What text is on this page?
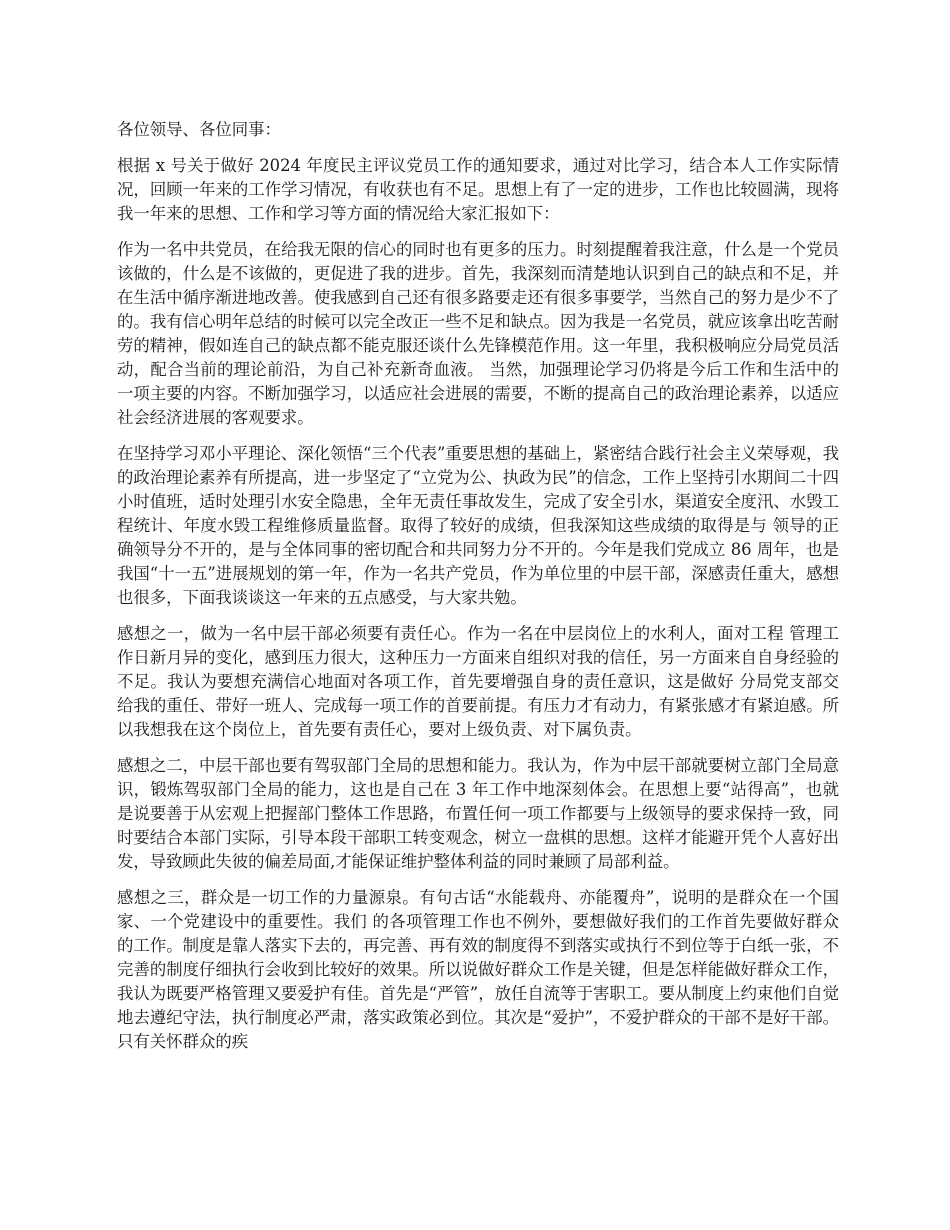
各位领导、各位同事：

根据 x 号关于做好 2024 年度民主评议党员工作的通知要求，通过对比学习，结合本人工作实际情况，回顾一年来的工作学习情况，有收获也有不足。思想上有了一定的进步，工作也比较圆满，现将我一年来的思想、工作和学习等方面的情况给大家汇报如下：

作为一名中共党员，在给我无限的信心的同时也有更多的压力。时刻提醒着我注意，什么是一个党员该做的，什么是不该做的，更促进了我的进步。首先，我深刻而清楚地认识到自己的缺点和不足，并在生活中循序渐进地改善。使我感到自己还有很多路要走还有很多事要学，当然自己的努力是少不了的。我有信心明年总结的时候可以完全改正一些不足和缺点。因为我是一名党员，就应该拿出吃苦耐劳的精神，假如连自己的缺点都不能克服还谈什么先锋模范作用。这一年里，我积极响应分局党员活动，配合当前的理论前沿，为自己补充新奇血液。 当然，加强理论学习仍将是今后工作和生活中的一项主要的内容。不断加强学习，以适应社会进展的需要，不断的提高自己的政治理论素养，以适应社会经济进展的客观要求。

在坚持学习邓小平理论、深化领悟“三个代表”重要思想的基础上，紧密结合践行社会主义荣辱观，我的政治理论素养有所提高，进一步坚定了“立党为公、执政为民”的信念，工作上坚持引水期间二十四小时值班，适时处理引水安全隐患，全年无责任事故发生，完成了安全引水，渠道安全度汛、水毁工程统计、年度水毁工程维修质量监督。取得了较好的成绩，但我深知这些成绩的取得是与 领导的正确领导分不开的，是与全体同事的密切配合和共同努力分不开的。今年是我们党成立 86 周年，也是我国“十一五”进展规划的第一年，作为一名共产党员，作为单位里的中层干部，深感责任重大，感想也很多，下面我谈谈这一年来的五点感受，与大家共勉。

感想之一，做为一名中层干部必须要有责任心。作为一名在中层岗位上的水利人，面对工程 管理工作日新月异的变化，感到压力很大，这种压力一方面来自组织对我的信任，另一方面来自自身经验的不足。我认为要想充满信心地面对各项工作，首先要增强自身的责任意识，这是做好 分局党支部交给我的重任、带好一班人、完成每一项工作的首要前提。有压力才有动力，有紧张感才有紧迫感。所以我想我在这个岗位上，首先要有责任心，要对上级负责、对下属负责。

感想之二，中层干部也要有驾驭部门全局的思想和能力。我认为，作为中层干部就要树立部门全局意识，锻炼驾驭部门全局的能力，这也是自己在 3 年工作中地深刻体会。在思想上要“站得高”，也就是说要善于从宏观上把握部门整体工作思路，布置任何一项工作都要与上级领导的要求保持一致，同时要结合本部门实际，引导本段干部职工转变观念，树立一盘棋的思想。这样才能避开凭个人喜好出发，导致顾此失彼的偏差局面,才能保证维护整体利益的同时兼顾了局部利益。

感想之三，群众是一切工作的力量源泉。有句古话“水能载舟、亦能覆舟”，说明的是群众在一个国家、一个党建设中的重要性。我们 的各项管理工作也不例外，要想做好我们的工作首先要做好群众的工作。制度是靠人落实下去的，再完善、再有效的制度得不到落实或执行不到位等于白纸一张，不完善的制度仔细执行会收到比较好的效果。所以说做好群众工作是关键，但是怎样能做好群众工作，我认为既要严格管理又要爱护有佳。首先是“严管”，放任自流等于害职工。要从制度上约束他们自觉地去遵纪守法，执行制度必严肃，落实政策必到位。其次是“爱护”，不爱护群众的干部不是好干部。只有关怀群众的疾
